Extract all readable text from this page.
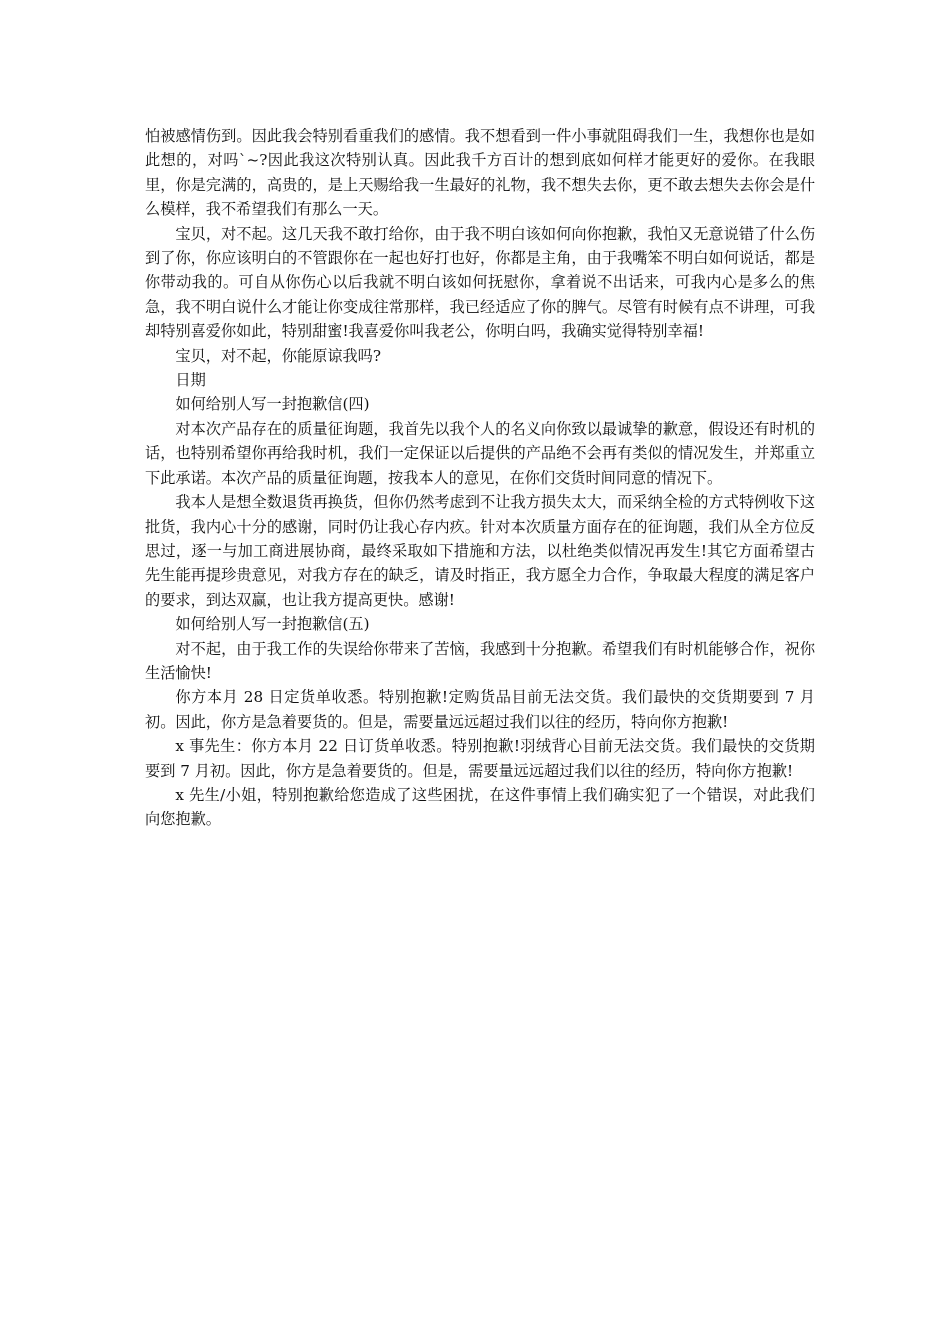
怕被感情伤到。因此我会特别看重我们的感情。我不想看到一件小事就阻碍我们一生，我想你也是如此想的，对吗`~?因此我这次特别认真。因此我千方百计的想到底如何样才能更好的爱你。在我眼里，你是完满的，高贵的，是上天赐给我一生最好的礼物，我不想失去你，更不敢去想失去你会是什么模样，我不希望我们有那么一天。

宝贝，对不起。这几天我不敢打给你，由于我不明白该如何向你抱歉，我怕又无意说错了什么伤到了你，你应该明白的不管跟你在一起也好打也好，你都是主角，由于我嘴笨不明白如何说话，都是你带动我的。可自从你伤心以后我就不明白该如何抚慰你，拿着说不出话来，可我内心是多么的焦急，我不明白说什么才能让你变成往常那样，我已经适应了你的脾气。尽管有时候有点不讲理，可我却特别喜爱你如此，特别甜蜜!我喜爱你叫我老公，你明白吗，我确实觉得特别幸福!

宝贝，对不起，你能原谅我吗?

日期

如何给别人写一封抱歉信(四)

对本次产品存在的质量征询题，我首先以我个人的名义向你致以最诚挚的歉意，假设还有时机的话，也特别希望你再给我时机，我们一定保证以后提供的产品绝不会再有类似的情况发生，并郑重立下此承诺。本次产品的质量征询题，按我本人的意见，在你们交货时间同意的情况下。

我本人是想全数退货再换货，但你仍然考虑到不让我方损失太大，而采纳全检的方式特例收下这批货，我内心十分的感谢，同时仍让我心存内疚。针对本次质量方面存在的征询题，我们从全方位反思过，逐一与加工商进展协商，最终采取如下措施和方法，以杜绝类似情况再发生!其它方面希望古先生能再提珍贵意见，对我方存在的缺乏，请及时指正，我方愿全力合作，争取最大程度的满足客户的要求，到达双赢，也让我方提高更快。感谢!

如何给别人写一封抱歉信(五)

对不起，由于我工作的失误给你带来了苦恼，我感到十分抱歉。希望我们有时机能够合作，祝你生活愉快!

你方本月 28 日定货单收悉。特别抱歉!定购货品目前无法交货。我们最快的交货期要到 7 月初。因此，你方是急着要货的。但是，需要量远远超过我们以往的经历，特向你方抱歉!

x 事先生：你方本月 22 日订货单收悉。特别抱歉!羽绒背心目前无法交货。我们最快的交货期要到 7 月初。因此，你方是急着要货的。但是，需要量远远超过我们以往的经历，特向你方抱歉!

x 先生/小姐，特别抱歉给您造成了这些困扰，在这件事情上我们确实犯了一个错误，对此我们向您抱歉。
